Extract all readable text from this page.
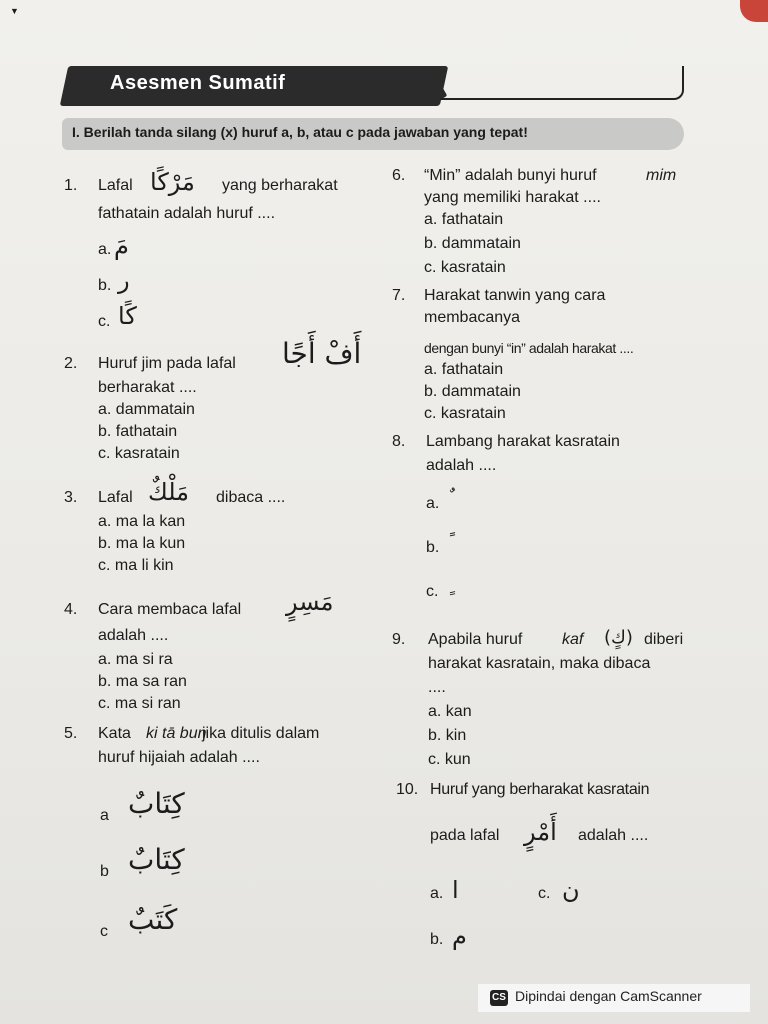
▼
Asesmen Sumatif
I. Berilah tanda silang (x) huruf a, b, atau c pada jawaban yang tepat!
1. Lafal مَرْكًا yang berharakat
fathatain adalah huruf ....
a. مَ
b. ر
c. كًا
2. Huruf jim pada lafal أَفْ أَجًا
berharakat ....
a. dammatain
b. fathatain
c. kasratain
3. Lafal مَلْكٌ dibaca ....
a. ma la kan
b. ma la kun
c. ma li kin
4. Cara membaca lafal مَسِرٍ
adalah ....
a. ma si ra
b. ma sa ran
c. ma si ran
5. Kata ki tā bun
jika ditulis dalam
huruf hijaiah adalah ....
a كِتَابٌ
b كِتَابٌ
c كَتَبٌ
6. “Min” adalah bunyi huruf	mim
yang memiliki harakat ....
a. fathatain
b. dammatain
c. kasratain
7. Harakat tanwin yang cara
membacanya
dengan bunyi “in” adalah harakat ....
a. fathatain
b. dammatain
c. kasratain
8. Lambang harakat kasratain
adalah ....
a.
b.
c.
9. Apabila huruf kaf (كٍ) diberi
harakat kasratain, maka dibaca
....
a. kan
b. kin
c. kun
10. Huruf yang berharakat kasratain
pada lafal أَمْرٍ adalah ....
a. ا	c. ن
b. م
CS Dipindai dengan CamScanner
